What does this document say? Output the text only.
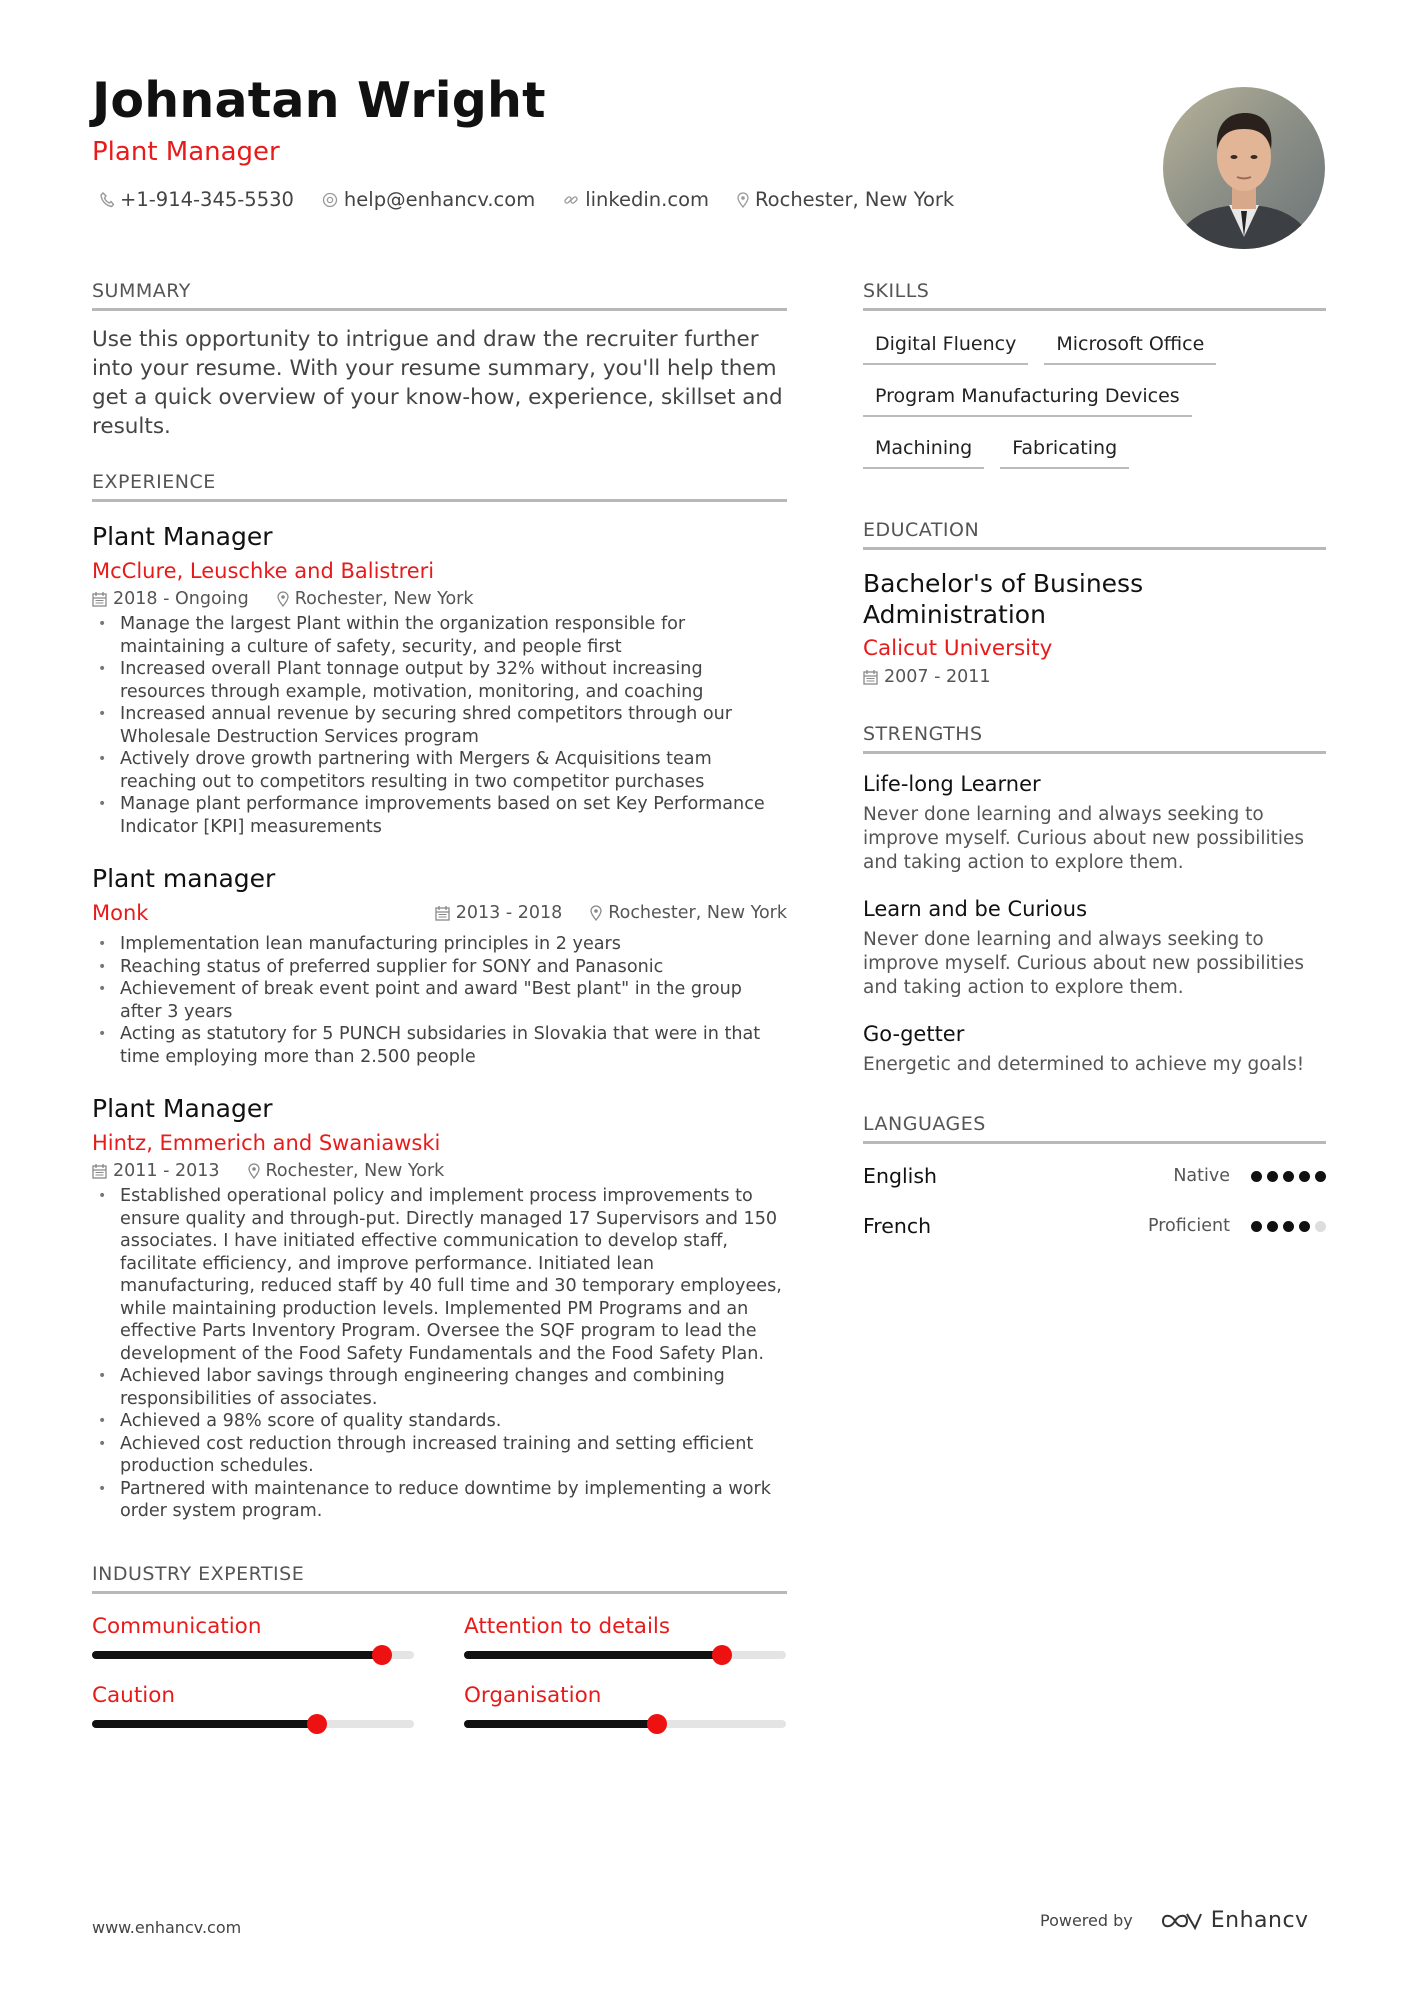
Johnatan Wright
Plant Manager
+1-914-345-5530	help@enhancv.com	linkedin.com Rochester, New York
SUMMARY
Use this opportunity to intrigue and draw the recruiter further into your resume. With your resume summary, you'll help them get a quick overview of your know-how, experience, skillset and results.
EXPERIENCE
Plant Manager
McClure, Leuschke and Balistreri
2018 - Ongoing	Rochester, New York
• Manage the largest Plant within the organization responsible for maintaining a culture of safety, security, and people first
• Increased overall Plant tonnage output by 32% without increasing resources through example, motivation, monitoring, and coaching
• Increased annual revenue by securing shred competitors through our Wholesale Destruction Services program
• Actively drove growth partnering with Mergers & Acquisitions team reaching out to competitors resulting in two competitor purchases
• Manage plant performance improvements based on set Key Performance Indicator [KPI] measurements
Plant manager
Monk	2013 - 2018	Rochester, New York
• Implementation lean manufacturing principles in 2 years
• Reaching status of preferred supplier for SONY and Panasonic
• Achievement of break event point and award "Best plant" in the group after 3 years
• Acting as statutory for 5 PUNCH subsidaries in Slovakia that were in that time employing more than 2.500 people
Plant Manager
Hintz, Emmerich and Swaniawski
2011 - 2013	Rochester, New York
• Established operational policy and implement process improvements to ensure quality and through-put. Directly managed 17 Supervisors and 150 associates. I have initiated effective communication to develop staff, facilitate efficiency, and improve performance. Initiated lean manufacturing, reduced staff by 40 full time and 30 temporary employees, while maintaining production levels. Implemented PM Programs and an effective Parts Inventory Program. Oversee the SQF program to lead the development of the Food Safety Fundamentals and the Food Safety Plan.
• Achieved labor savings through engineering changes and combining responsibilities of associates.
• Achieved a 98% score of quality standards.
• Achieved cost reduction through increased training and setting efficient production schedules.
• Partnered with maintenance to reduce downtime by implementing a work order system program.
INDUSTRY EXPERTISE
Communication	Attention to details
Caution	Organisation
SKILLS
Digital Fluency	Microsoft Office
Program Manufacturing Devices
Machining	Fabricating
EDUCATION
Bachelor's of Business Administration
Calicut University
2007 - 2011
STRENGTHS
Life-long Learner
Never done learning and always seeking to improve myself. Curious about new possibilities and taking action to explore them.
Learn and be Curious
Never done learning and always seeking to improve myself. Curious about new possibilities and taking action to explore them.
Go-getter
Energetic and determined to achieve my goals!
LANGUAGES
English	Native
French	Proficient
www.enhancv.com	Powered by	Enhancv
